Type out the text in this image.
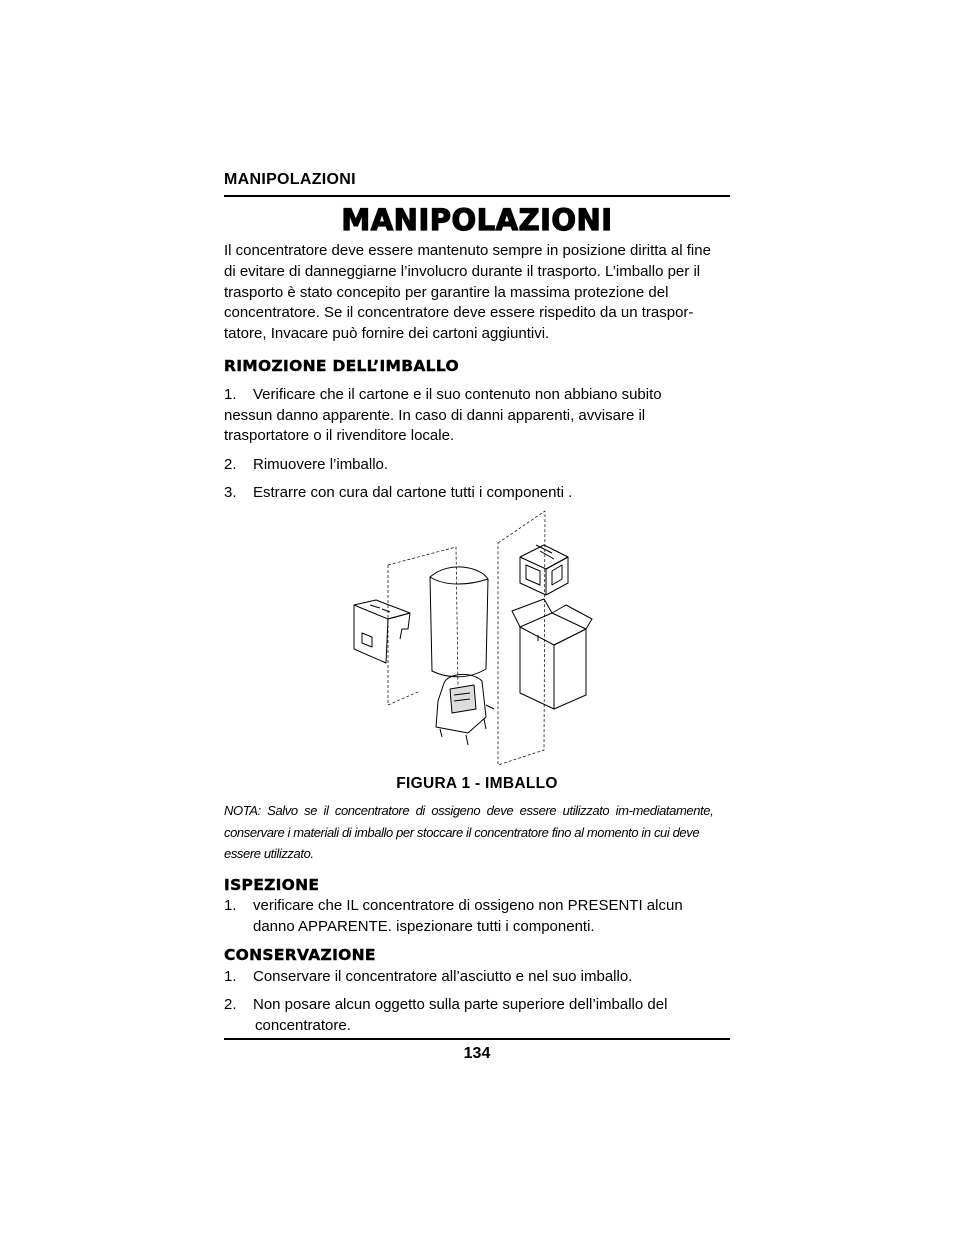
MANIPOLAZIONI
MANIPOLAZIONI
Il concentratore deve essere mantenuto sempre in posizione diritta al fine
di evitare di danneggiarne l’involucro durante il trasporto. L’imballo per il
trasporto è stato concepito per garantire la massima protezione del
concentratore. Se il concentratore deve essere rispedito da un traspor-
tatore, Invacare può fornire dei cartoni aggiuntivi.
RIMOZIONE DELL’IMBALLO
1. Verificare che il cartone e il suo contenuto non abbiano subito
nessun danno apparente. In caso di danni apparenti, avvisare il
trasportatore o il rivenditore locale.
2. Rimuovere l’imballo.
3. Estrarre con cura dal cartone tutti i componenti .
FIGURA 1 - IMBALLO
NOTA:  Salvo  se  il  concentratore  di  ossigeno  deve  essere  utilizzato  im-mediatamente,
conservare i materiali di imballo per stoccare il concentratore fino al momento in cui deve
essere utilizzato.
ISPEZIONE
1. verificare che IL concentratore di ossigeno non PRESENTI alcun
danno APPARENTE. ispezionare tutti i componenti.
CONSERVAZIONE
1. Conservare il concentratore all’asciutto e nel suo imballo.
2. Non posare alcun oggetto sulla parte superiore dell’imballo del
concentratore.
134
